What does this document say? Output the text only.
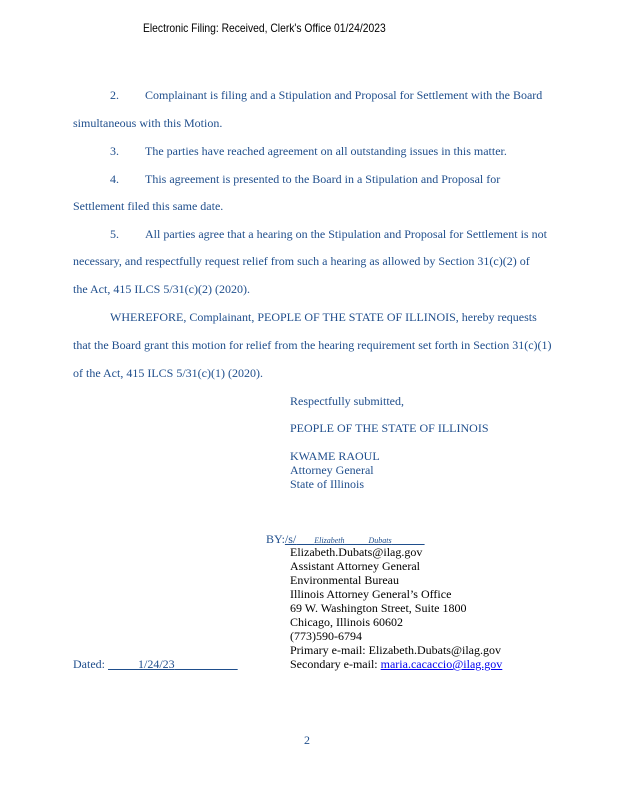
Electronic Filing: Received, Clerk's Office 01/24/2023
2. Complainant is filing and a Stipulation and Proposal for Settlement with the Board
simultaneous with this Motion.
3. The parties have reached agreement on all outstanding issues in this matter.
4. This agreement is presented to the Board in a Stipulation and Proposal for
Settlement filed this same date.
5. All parties agree that a hearing on the Stipulation and Proposal for Settlement is not
necessary, and respectfully request relief from such a hearing as allowed by Section 31(c)(2) of
the Act, 415 ILCS 5/31(c)(2) (2020).
WHEREFORE, Complainant, PEOPLE OF THE STATE OF ILLINOIS, hereby requests
that the Board grant this motion for relief from the hearing requirement set forth in Section 31(c)(1)
of the Act, 415 ILCS 5/31(c)(1) (2020).
Respectfully submitted,
PEOPLE OF THE STATE OF ILLINOIS
KWAME RAOUL
Attorney General
State of Illinois
BY:/s/ Elizabeth	Dubats
Elizabeth.Dubats@ilag.gov
Assistant Attorney General
Environmental Bureau
Illinois Attorney General’s Office
69 W. Washington Street, Suite 1800
Chicago, Illinois 60602
(773)590-6794
Primary e-mail: Elizabeth.Dubats@ilag.gov
Secondary e-mail: maria.cacaccio@ilag.gov
Dated:	1/24/23
2
